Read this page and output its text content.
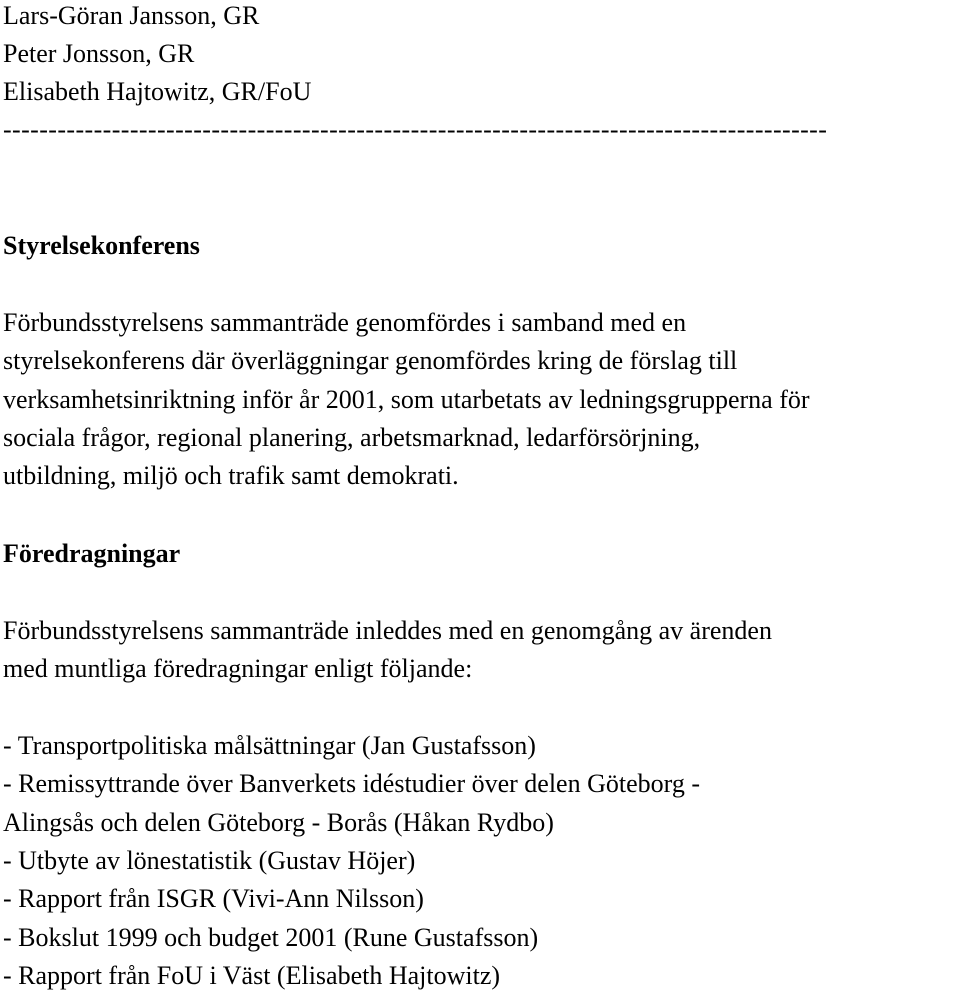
Lars-Göran Jansson, GR
Peter Jonsson, GR
Elisabeth Hajtowitz, GR/FoU
-------------------------------------------------------------------------------------------
Styrelsekonferens
Förbundsstyrelsens sammanträde genomfördes i samband med en
styrelsekonferens där överläggningar genomfördes kring de förslag till
verksamhetsinriktning inför år 2001, som utarbetats av ledningsgrupperna för
sociala frågor, regional planering, arbetsmarknad, ledarförsörjning,
utbildning, miljö och trafik samt demokrati.
Föredragningar
Förbundsstyrelsens sammanträde inleddes med en genomgång av ärenden
med muntliga föredragningar enligt följande:
- Transportpolitiska målsättningar (Jan Gustafsson)
- Remissyttrande över Banverkets idéstudier över delen Göteborg -
Alingsås och delen Göteborg - Borås (Håkan Rydbo)
- Utbyte av lönestatistik (Gustav Höjer)
- Rapport från ISGR (Vivi-Ann Nilsson)
- Bokslut 1999 och budget 2001 (Rune Gustafsson)
- Rapport från FoU i Väst (Elisabeth Hajtowitz)
